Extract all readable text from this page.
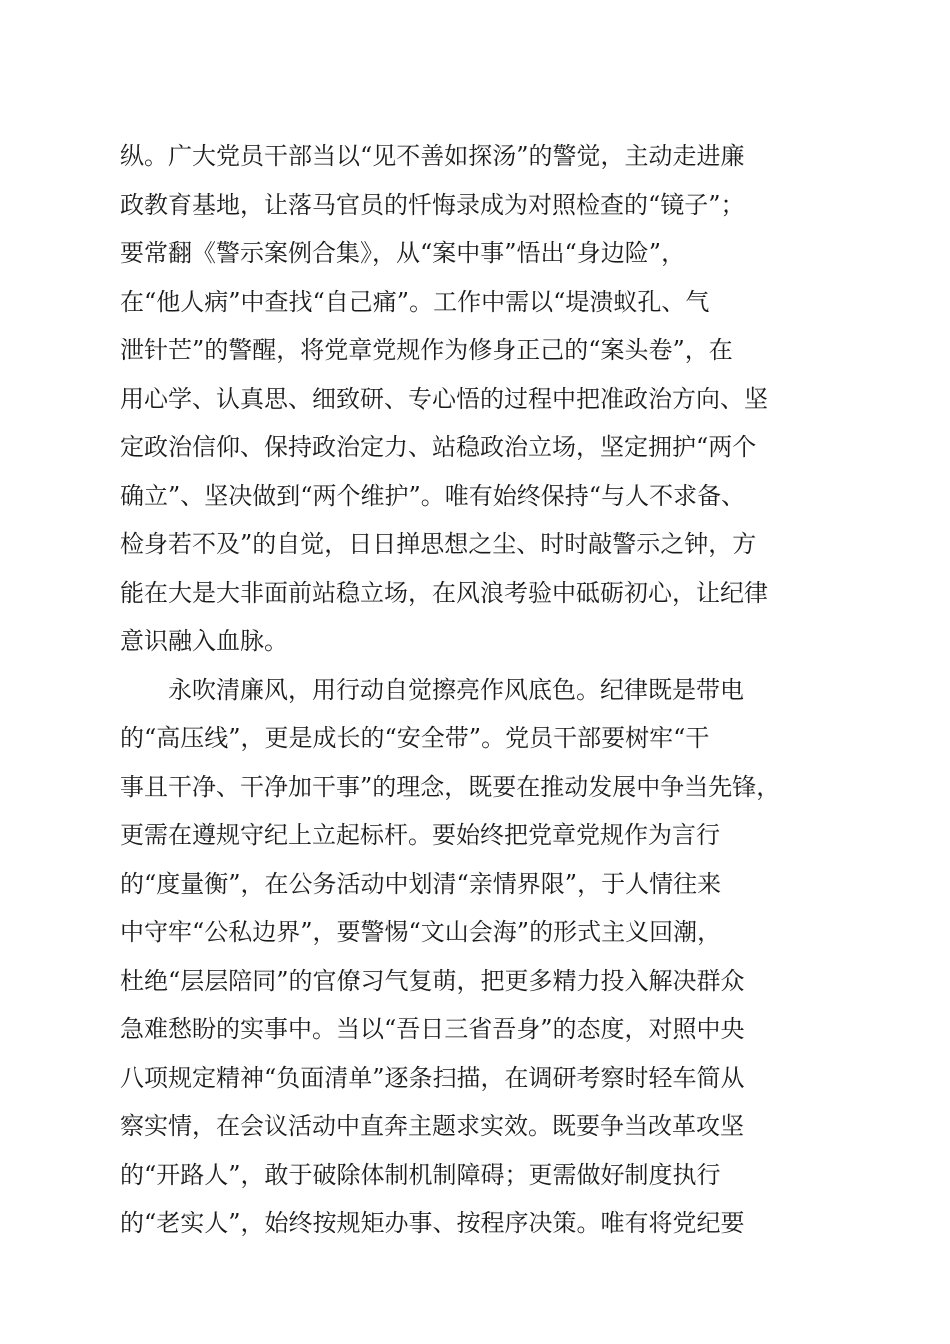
纵。广大党员干部当以“见不善如探汤”的警觉，主动走进廉
政教育基地，让落马官员的忏悔录成为对照检查的“镜子”；
要常翻《警示案例合集》，从“案中事”悟出“身边险”，
在“他人病”中查找“自己痛”。工作中需以“堤溃蚁孔、气
泄针芒”的警醒，将党章党规作为修身正己的“案头卷”，在
用心学、认真思、细致研、专心悟的过程中把准政治方向、坚
定政治信仰、保持政治定力、站稳政治立场，坚定拥护“两个
确立”、坚决做到“两个维护”。唯有始终保持“与人不求备、
检身若不及”的自觉，日日掸思想之尘、时时敲警示之钟，方
能在大是大非面前站稳立场，在风浪考验中砥砺初心，让纪律
意识融入血脉。
永吹清廉风，用行动自觉擦亮作风底色。纪律既是带电
的“高压线”，更是成长的“安全带”。党员干部要树牢“干
事且干净、干净加干事”的理念，既要在推动发展中争当先锋，
更需在遵规守纪上立起标杆。要始终把党章党规作为言行
的“度量衡”，在公务活动中划清“亲情界限”，于人情往来
中守牢“公私边界”，要警惕“文山会海”的形式主义回潮，
杜绝“层层陪同”的官僚习气复萌，把更多精力投入解决群众
急难愁盼的实事中。当以“吾日三省吾身”的态度，对照中央
八项规定精神“负面清单”逐条扫描，在调研考察时轻车简从
察实情，在会议活动中直奔主题求实效。既要争当改革攻坚
的“开路人”，敢于破除体制机制障碍；更需做好制度执行
的“老实人”，始终按规矩办事、按程序决策。唯有将党纪要
